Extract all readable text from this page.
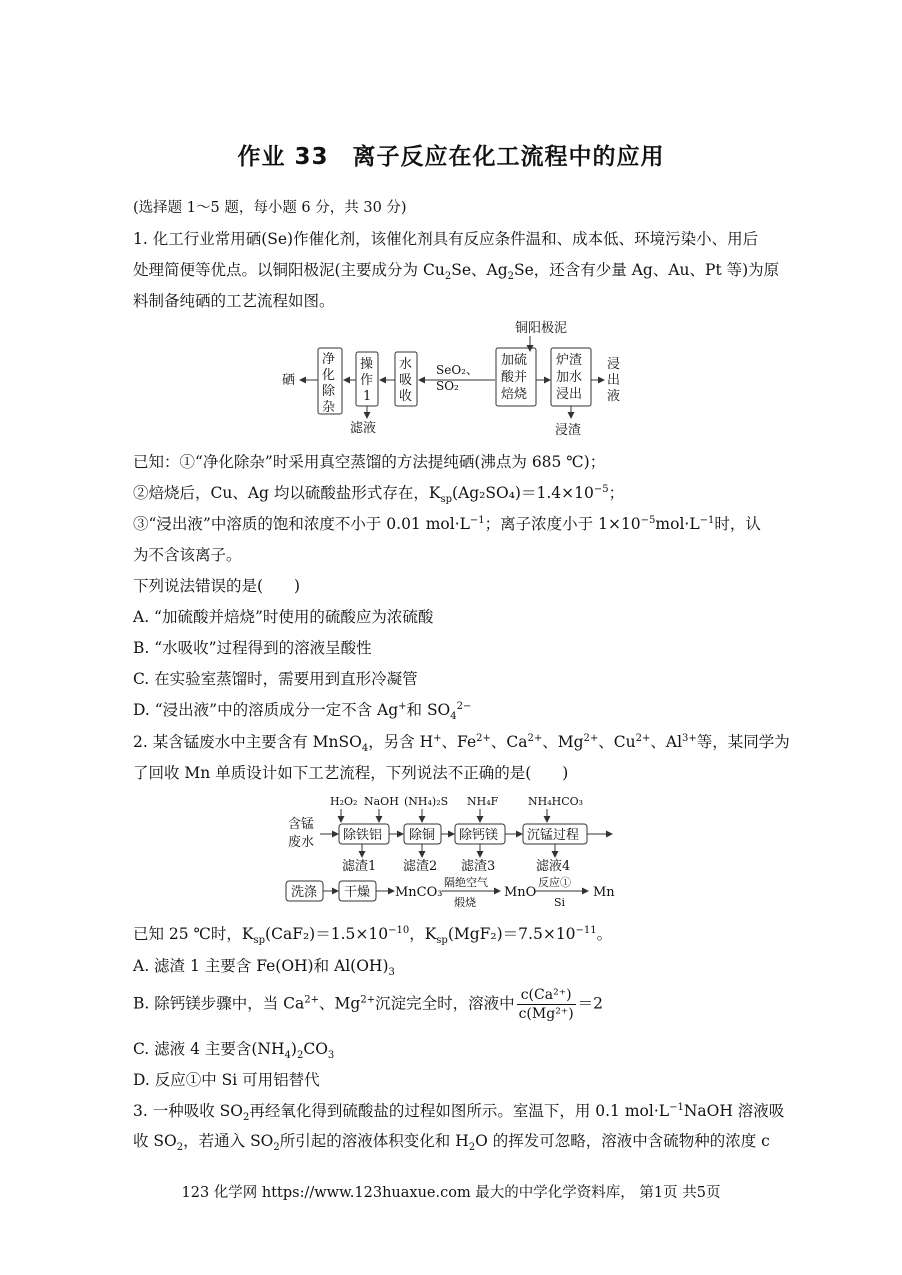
作业 33　离子反应在化工流程中的应用
(选择题 1～5 题，每小题 6 分，共 30 分)
1. 化工行业常用硒(Se)作催化剂，该催化剂具有反应条件温和、成本低、环境污染小、用后
处理简便等优点。以铜阳极泥(主要成分为 $Cu_2Se$、$Ag_2Se$，还含有少量 Ag、Au、Pt 等)为原
料制备纯硒的工艺流程如图。
铜阳极泥
净
化
除
杂
硒
操
作
1
滤液
水
吸
收
SeO₂、
SO₂
加硫
酸并
焙烧
炉渣
加水
浸出
浸
出
液
浸渣
已知：①“净化除杂”时采用真空蒸馏的方法提纯硒(沸点为 685 ℃)；
②焙烧后，Cu、Ag 均以硫酸盐形式存在，$K_{sp}(Ag_2SO_4)=1.4\times 10^{-5}$；
③“浸出液”中溶质的饱和浓度不小于 0.01 $mol\cdot L^{-1}$；离子浓度小于 $1\times 10^{-5}mol\cdot L^{-1}$时，认
为不含该离子。
下列说法错误的是(　　)
A. “加硫酸并焙烧”时使用的硫酸应为浓硫酸
B. “水吸收”过程得到的溶液呈酸性
C. 在实验室蒸馏时，需要用到直形冷凝管
D. “浸出液”中的溶质成分一定不含 Ag+和 $SO_4^{2-}$
2. 某含锰废水中主要含有 MnSO$_4$，另含 H+、$Fe^{2+}$、$Ca^{2+}$、$Mg^{2+}$、$Cu^{2+}$、$Al^{3+}$等，某同学为
了回收 Mn 单质设计如下工艺流程，下列说法不正确的是(　　)
H₂O₂ NaOH (NH₄)₂S NH₄F	NH₄HCO₃
含锰
废水 除铁铝 除铜 除钙镁 沉锰过程
滤渣1 滤渣2 滤渣3	滤液4
洗涤 干燥 MnCO₃
隔绝空气
煅烧
MnO
反应①
Si
Mn
已知 25 ℃时，$K_{sp}(CaF_2)=1.5\times 10^{-10}$，$K_{sp}(MgF_2)=7.5\times 10^{-11}$。
A. 滤渣 1 主要含 Fe(OH)和 $Al(OH)_3$
B. 除钙镁步骤中，当 $Ca^{2+}$、$Mg^{2+}$沉淀完全时，溶液中 $\frac{\text{c(Ca²⁺)}}{\text{c(Mg²⁺)}} =2$
C. 滤液 4 主要含$(NH_4)_2CO_3$
D. 反应①中 Si 可用铝替代
3. 一种吸收 $SO_2$再经氧化得到硫酸盐的过程如图所示。室温下，用 0.1 $mol\cdot L^{-1}NaOH$ 溶液吸
收 $SO_2$，若通入 $SO_2$所引起的溶液体积变化和 $H_2O$ 的挥发可忽略，溶液中含硫物种的浓度 c
123 化学网 https://www.123huaxue.com 最大的中学化学资料库， 第1页 共5页
